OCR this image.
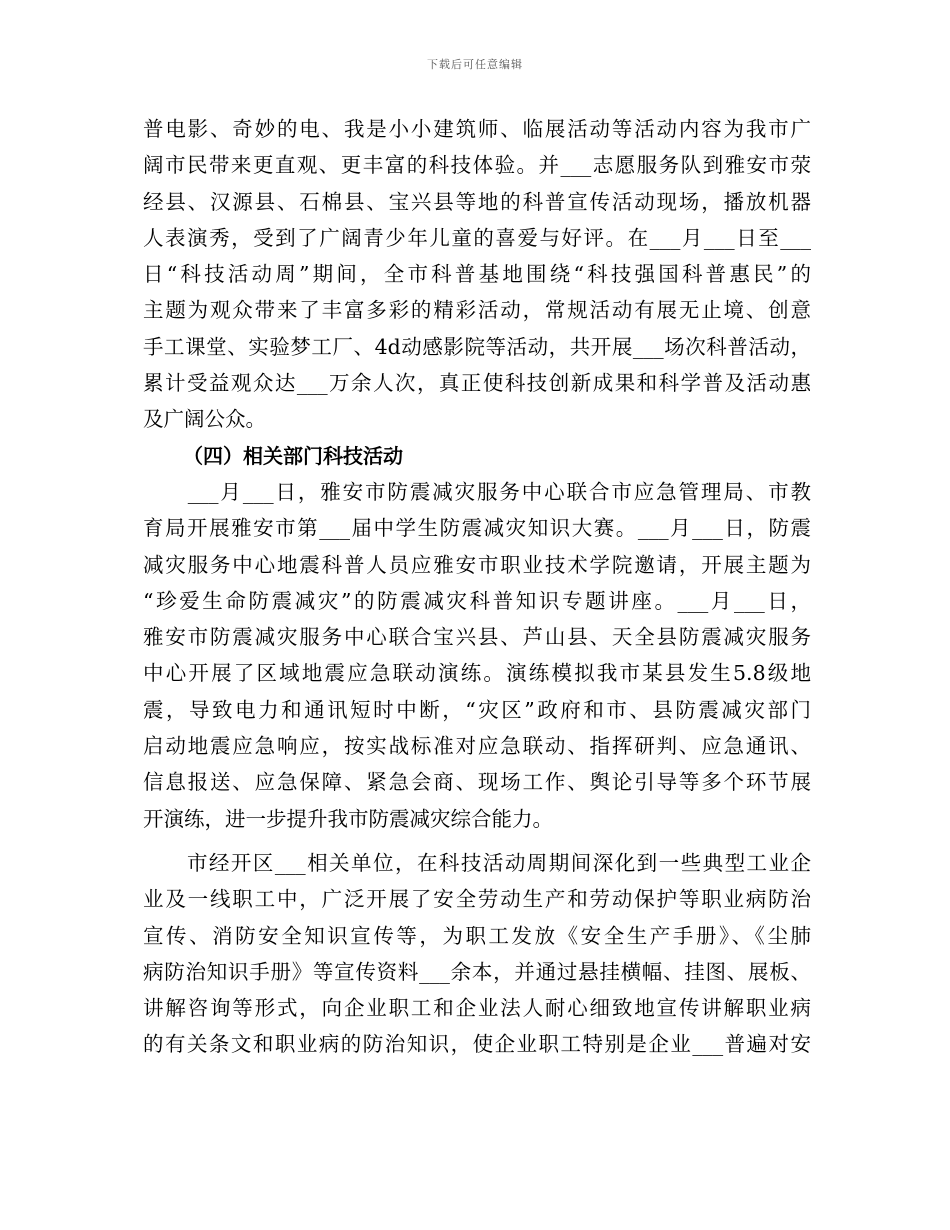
下载后可任意编辑
普电影、奇妙的电、我是小小建筑师、临展活动等活动内容为我市广
阔市民带来更直观、更丰富的科技体验。并___志愿服务队到雅安市荥
经县、汉源县、石棉县、宝兴县等地的科普宣传活动现场，播放机器
人表演秀，受到了广阔青少年儿童的喜爱与好评。在___月___日至___
日“科技活动周”期间，全市科普基地围绕“科技强国科普惠民”的
主题为观众带来了丰富多彩的精彩活动，常规活动有展无止境、创意
手工课堂、实验梦工厂、4d动感影院等活动，共开展___场次科普活动，
累计受益观众达___万余人次，真正使科技创新成果和科学普及活动惠
及广阔公众。
（四）相关部门科技活动
　　___月___日，雅安市防震减灾服务中心联合市应急管理局、市教
育局开展雅安市第___届中学生防震减灾知识大赛。___月___日，防震
减灾服务中心地震科普人员应雅安市职业技术学院邀请，开展主题为
“珍爱生命防震减灾”的防震减灾科普知识专题讲座。___月___日，
雅安市防震减灾服务中心联合宝兴县、芦山县、天全县防震减灾服务
中心开展了区域地震应急联动演练。演练模拟我市某县发生5.8级地
震，导致电力和通讯短时中断，“灾区”政府和市、县防震减灾部门
启动地震应急响应，按实战标准对应急联动、指挥研判、应急通讯、
信息报送、应急保障、紧急会商、现场工作、舆论引导等多个环节展
开演练，进一步提升我市防震减灾综合能力。
　　市经开区___相关单位，在科技活动周期间深化到一些典型工业企
业及一线职工中，广泛开展了安全劳动生产和劳动保护等职业病防治
宣传、消防安全知识宣传等，为职工发放《安全生产手册》、《尘肺
病防治知识手册》等宣传资料___余本，并通过悬挂横幅、挂图、展板、
讲解咨询等形式，向企业职工和企业法人耐心细致地宣传讲解职业病
的有关条文和职业病的防治知识，使企业职工特别是企业___普遍对安
